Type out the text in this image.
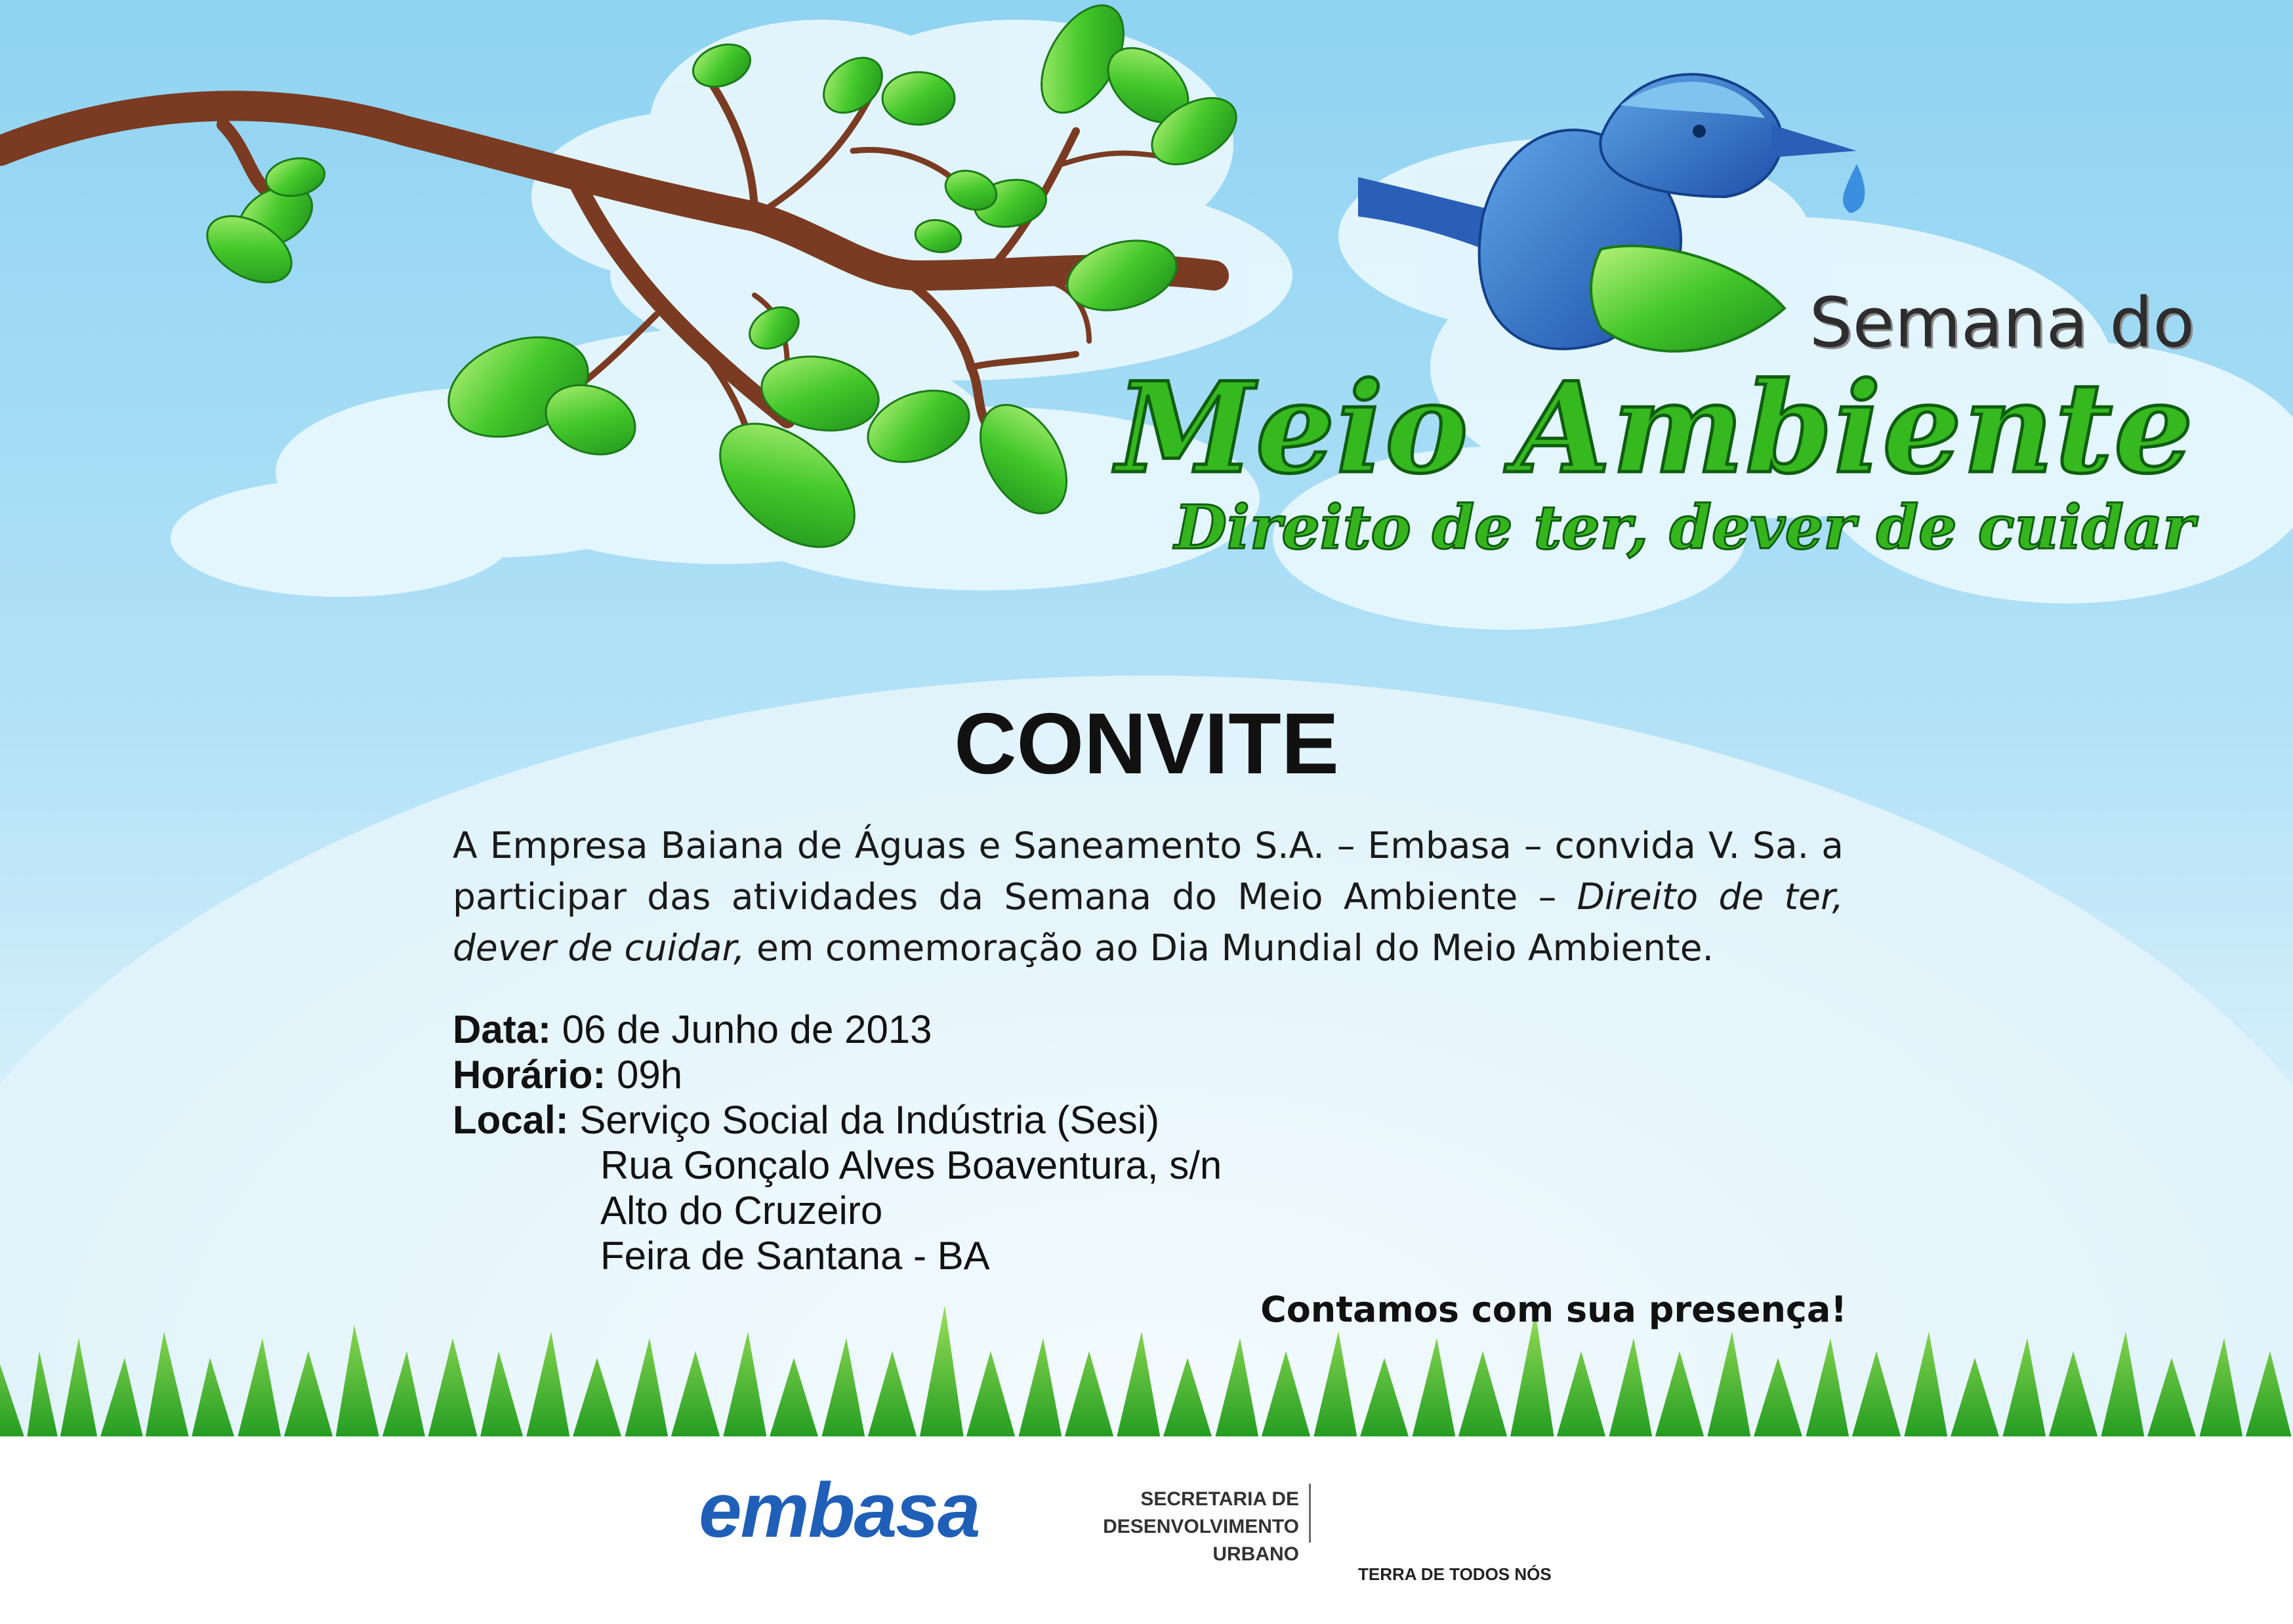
Semana do
Meio Ambiente
Direito de ter, dever de cuidar
CONVITE
A Empresa Baiana de Águas e Saneamento S.A. – Embasa – convida V. Sa. a participar das atividades da Semana do Meio Ambiente – Direito de ter, dever de cuidar, em comemoração ao Dia Mundial do Meio Ambiente.
Data: 06 de Junho de 2013
Horário: 09h
Local: Serviço Social da Indústria (Sesi)
Rua Gonçalo Alves Boaventura, s/n
Alto do Cruzeiro
Feira de Santana - BA
Contamos com sua presença!
embasa	SECRETARIA DE
DESENVOLVIMENTO URBANO
Bahia
GOVERNO
TERRA DE TODOS NÓS
